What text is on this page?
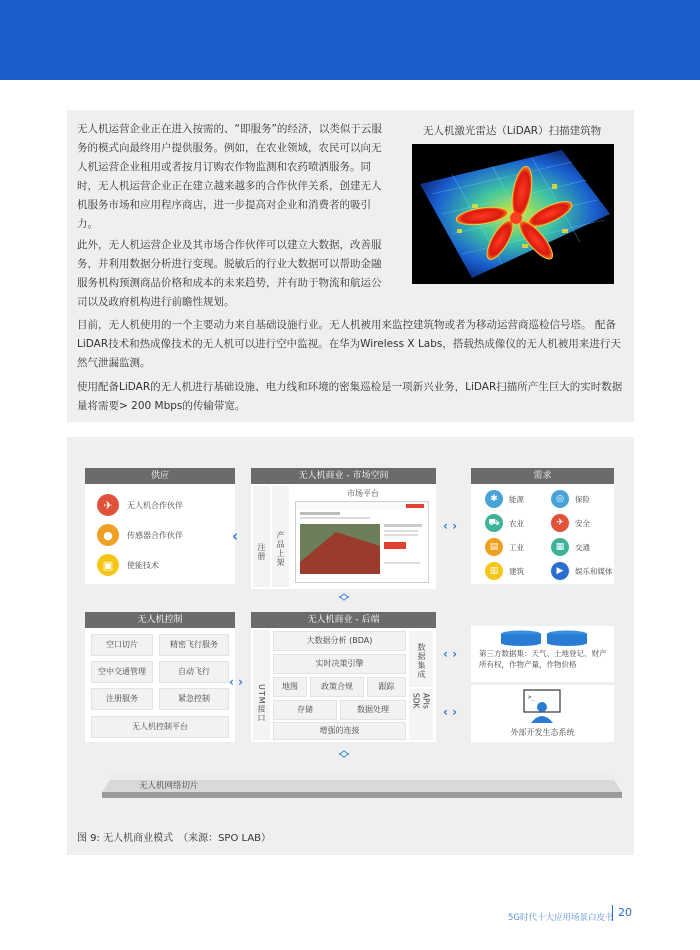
无人机运营企业正在进入按需的、“即服务”的经济，以类似于云服务的模式向最终用户提供服务。例如，在农业领域，农民可以向无人机运营企业租用或者按月订购农作物监测和农药喷洒服务。同时，无人机运营企业正在建立越来越多的合作伙伴关系，创建无人机服务市场和应用程序商店，进一步提高对企业和消费者的吸引力。

此外，无人机运营企业及其市场合作伙伴可以建立大数据，改善服务，并利用数据分析进行变现。脱敏后的行业大数据可以帮助金融服务机构预测商品价格和成本的未来趋势，并有助于物流和航运公司以及政府机构进行前瞻性规划。

无人机激光雷达（LiDAR）扫描建筑物

目前，无人机使用的一个主要动力来自基础设施行业。无人机被用来监控建筑物或者为移动运营商巡检信号塔。 配备LiDAR技术和热成像技术的无人机可以进行空中监视。在华为Wireless X Labs，搭载热成像仪的无人机被用来进行天然气泄漏监测。

使用配备LiDAR的无人机进行基础设施、电力线和环境的密集巡检是一项新兴业务，LiDAR扫描所产生巨大的实时数据量将需要> 200 Mbps的传输带宽。

供应
✈	无人机合作伙伴
●	传感器合作伙伴
▣	使能技术
‹
无人机商业 - 市场空间
注册	产品上架
市场平台
‹ ›
需求
✱	能源	◎	保险
⛟	农业	✈	安全
▤	工业	▦	交通
▥	建筑	▶	娱乐和媒体
︿
﹀
无人机控制
空口切片	精密飞行服务
空中交通管理	自动飞行
注册服务	紧急控制
无人机控制平台
‹ ›
无人机商业 - 后端
UTM接口
大数据分析 (BDA)
实时决策引擎
地图	政策合规	跟踪
存储	数据处理
增强的连接
数据集成
SDK APIs
‹ ›
‹ ›
第三方数据集：天气、土地登记、财产所有权，作物产量，作物价格
>_
外部开发生态系统
︿
﹀
无人机网络切片
图 9: 无人机商业模式　（来源：SPO LAB）
5G时代十大应用场景白皮书 20
